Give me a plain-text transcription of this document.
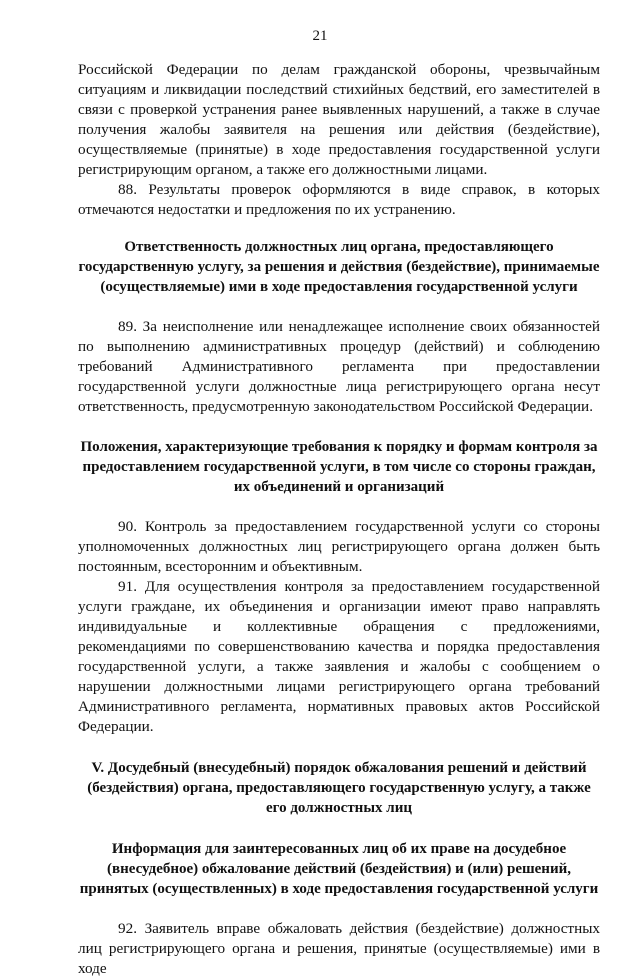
21

Российской Федерации по делам гражданской обороны, чрезвычайным ситуациям и ликвидации последствий стихийных бедствий, его заместителей в связи с проверкой устранения ранее выявленных нарушений, а также в случае получения жалобы заявителя на решения или действия (бездействие), осуществляемые (принятые) в ходе предоставления государственной услуги регистрирующим органом, а также его должностными лицами.

88. Результаты проверок оформляются в виде справок, в которых отмечаются недостатки и предложения по их устранению.

Ответственность должностных лиц органа, предоставляющего государственную услугу, за решения и действия (бездействие), принимаемые (осуществляемые) ими в ходе предоставления государственной услуги

89. За неисполнение или ненадлежащее исполнение своих обязанностей по выполнению административных процедур (действий) и соблюдению требований Административного регламента при предоставлении государственной услуги должностные лица регистрирующего органа несут ответственность, предусмотренную законодательством Российской Федерации.

Положения, характеризующие требования к порядку и формам контроля за предоставлением государственной услуги, в том числе со стороны граждан, их объединений и организаций

90. Контроль за предоставлением государственной услуги со стороны уполномоченных должностных лиц регистрирующего органа должен быть постоянным, всесторонним и объективным.

91. Для осуществления контроля за предоставлением государственной услуги граждане, их объединения и организации имеют право направлять индивидуальные и коллективные обращения с предложениями, рекомендациями по совершенствованию качества и порядка предоставления государственной услуги, а также заявления и жалобы с сообщением о нарушении должностными лицами регистрирующего органа требований Административного регламента, нормативных правовых актов Российской Федерации.

V. Досудебный (внесудебный) порядок обжалования решений и действий (бездействия) органа, предоставляющего государственную услугу, а также его должностных лиц
Информация для заинтересованных лиц об их праве на досудебное (внесудебное) обжалование действий (бездействия) и (или) решений, принятых (осуществленных) в ходе предоставления государственной услуги

92. Заявитель вправе обжаловать действия (бездействие) должностных лиц регистрирующего органа и решения, принятые (осуществляемые) ими в ходе
